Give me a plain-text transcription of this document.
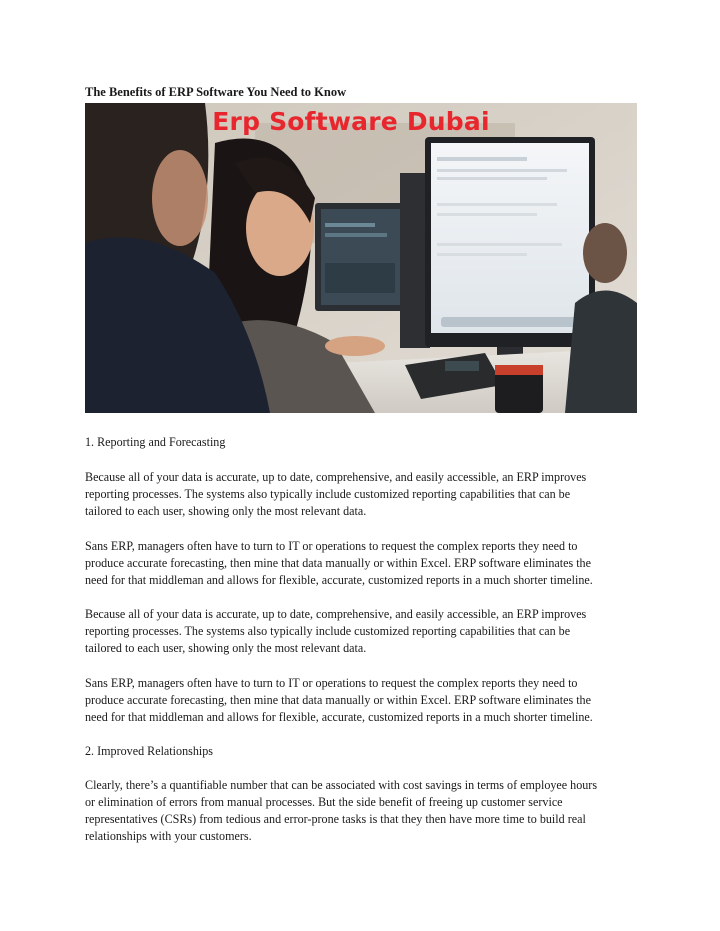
The Benefits of ERP Software You Need to Know
Erp Software Dubai
1. Reporting and Forecasting

Because all of your data is accurate, up to date, comprehensive, and easily accessible, an ERP improves
reporting processes. The systems also typically include customized reporting capabilities that can be
tailored to each user, showing only the most relevant data.

Sans ERP, managers often have to turn to IT or operations to request the complex reports they need to
produce accurate forecasting, then mine that data manually or within Excel. ERP software eliminates the
need for that middleman and allows for flexible, accurate, customized reports in a much shorter timeline.

Because all of your data is accurate, up to date, comprehensive, and easily accessible, an ERP improves
reporting processes. The systems also typically include customized reporting capabilities that can be
tailored to each user, showing only the most relevant data.

Sans ERP, managers often have to turn to IT or operations to request the complex reports they need to
produce accurate forecasting, then mine that data manually or within Excel. ERP software eliminates the
need for that middleman and allows for flexible, accurate, customized reports in a much shorter timeline.

2. Improved Relationships

Clearly, there’s a quantifiable number that can be associated with cost savings in terms of employee hours
or elimination of errors from manual processes. But the side benefit of freeing up customer service
representatives (CSRs) from tedious and error-prone tasks is that they then have more time to build real
relationships with your customers.
